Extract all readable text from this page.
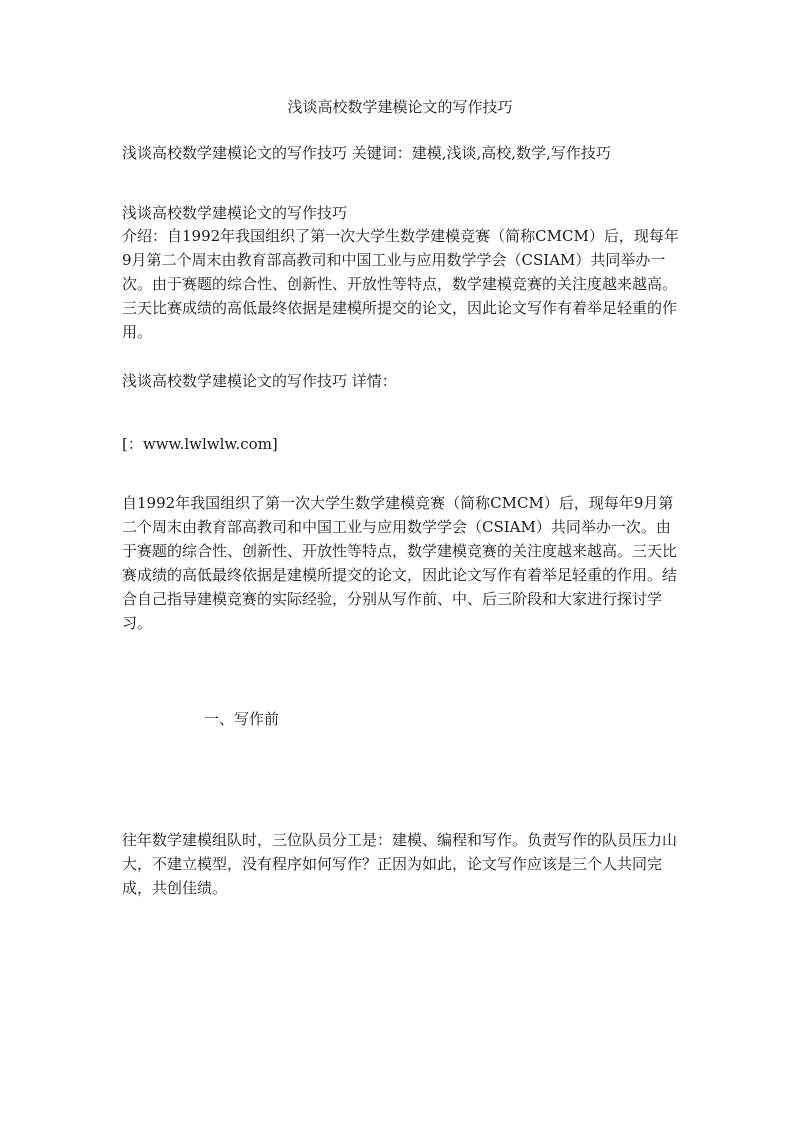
浅谈高校数学建模论文的写作技巧

浅谈高校数学建模论文的写作技巧 关键词：建模,浅谈,高校,数学,写作技巧

浅谈高校数学建模论文的写作技巧

介绍：自1992年我国组织了第一次大学生数学建模竞赛（简称CMCM）后，现每年9月第二个周末由教育部高教司和中国工业与应用数学学会（CSIAM）共同举办一次。由于赛题的综合性、创新性、开放性等特点，数学建模竞赛的关注度越来越高。三天比赛成绩的高低最终依据是建模所提交的论文，因此论文写作有着举足轻重的作用。

浅谈高校数学建模论文的写作技巧 详情：

[：www.lwlwlw.com]

自1992年我国组织了第一次大学生数学建模竞赛（简称CMCM）后，现每年9月第二个周末由教育部高教司和中国工业与应用数学学会（CSIAM）共同举办一次。由于赛题的综合性、创新性、开放性等特点，数学建模竞赛的关注度越来越高。三天比赛成绩的高低最终依据是建模所提交的论文，因此论文写作有着举足轻重的作用。结合自己指导建模竞赛的实际经验，分别从写作前、中、后三阶段和大家进行探讨学习。

一、写作前

往年数学建模组队时，三位队员分工是：建模、编程和写作。负责写作的队员压力山大，不建立模型，没有程序如何写作？正因为如此，论文写作应该是三个人共同完成，共创佳绩。
